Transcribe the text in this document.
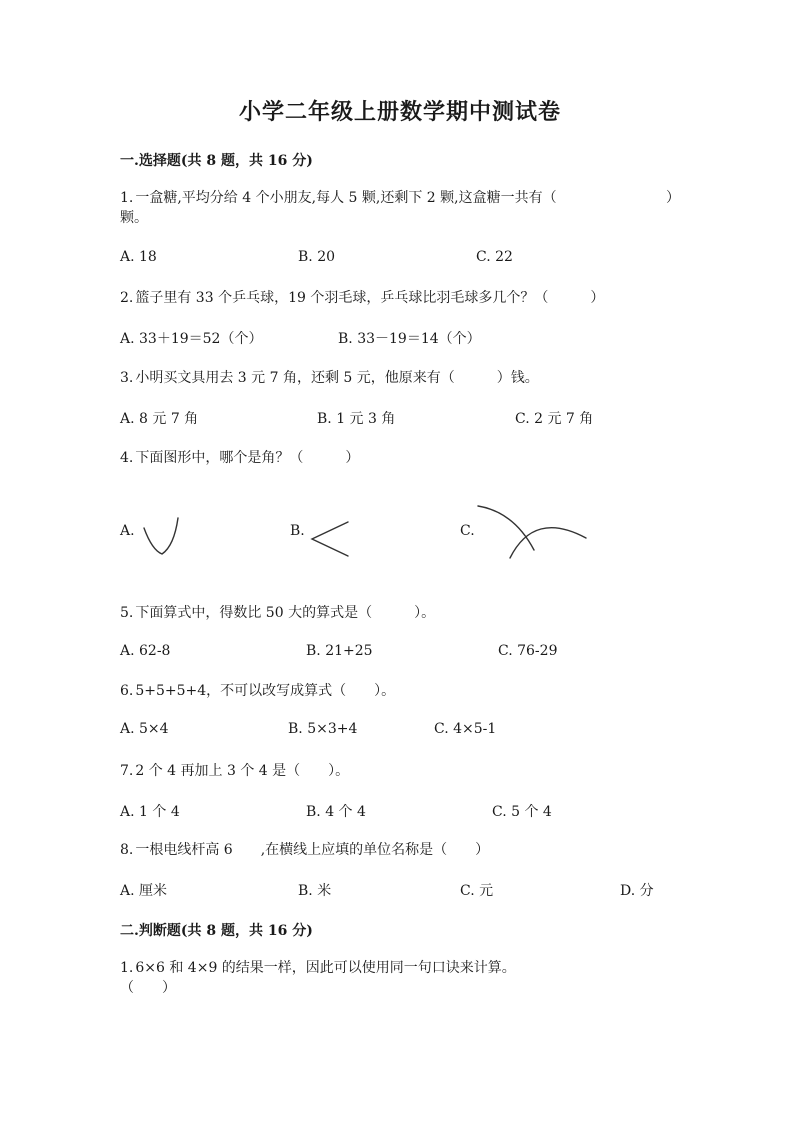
小学二年级上册数学期中测试卷
一.选择题(共 8 题，共 16 分)
1. 一盒糖,平均分给 4 个小朋友,每人 5 颗,还剩下 2 颗,这盒糖一共有（	）
颗。
A. 18	B. 20	C. 22
2. 篮子里有 33 个乒乓球，19 个羽毛球，乒乓球比羽毛球多几个？（　　　）
A. 33＋19＝52（个）	B. 33－19＝14（个）
3. 小明买文具用去 3 元 7 角，还剩 5 元，他原来有（　　　）钱。
A. 8 元 7 角	B. 1 元 3 角	C. 2 元 7 角
4. 下面图形中，哪个是角？（　　　）
A.	B.	C.
5. 下面算式中，得数比 50 大的算式是（　　　）。
A. 62-8	B. 21+25	C. 76-29
6. 5+5+5+4，不可以改写成算式（　　）。
A. 5×4	B. 5×3+4	C. 4×5-1
7. 2 个 4 再加上 3 个 4 是（　　）。
A. 1 个 4	B. 4 个 4	C. 5 个 4
8. 一根电线杆高 6　　,在横线上应填的单位名称是（　　）
A. 厘米	B. 米	C. 元	D. 分
二.判断题(共 8 题，共 16 分)
1. 6×6 和 4×9 的结果一样，因此可以使用同一句口诀来计算。
（　　）
